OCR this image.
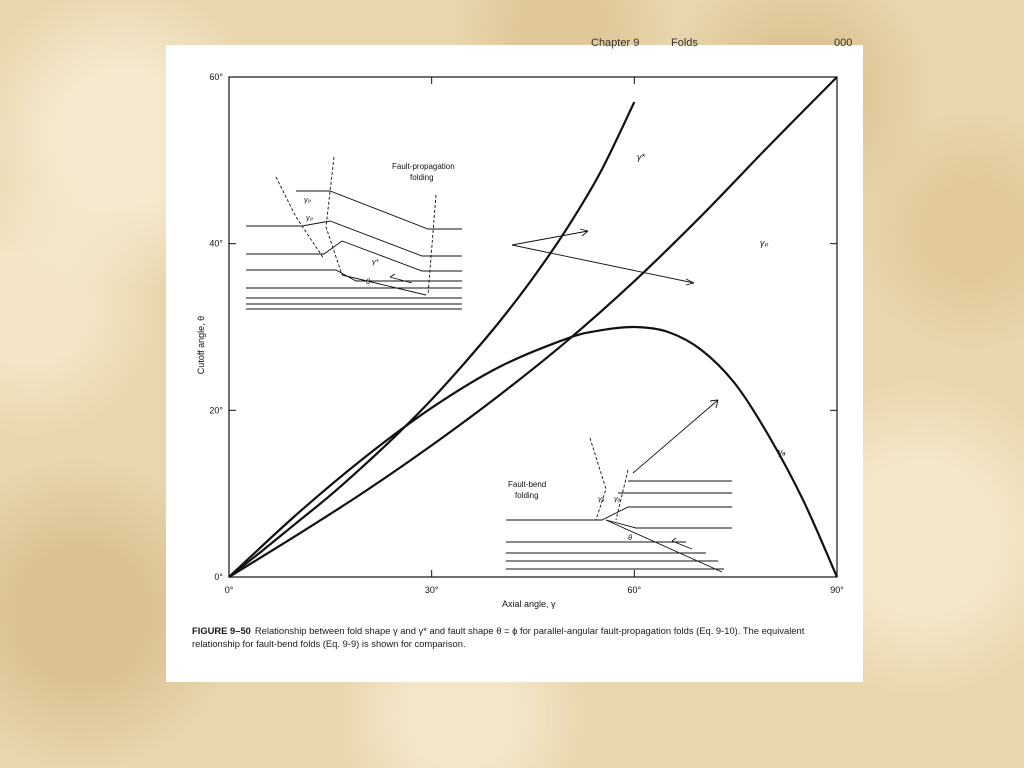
Chapter 9	Folds	000
0°	30°	60°	90°
0°
20°
40°
60°
Axial angle, γ
Cutoff angle, θ
γ*
γₚ
γₐ
Fault-propagation
folding
γₚ
γₚ
γ*
θ
Fault-bend
folding	γₐ γₐ
θ
FIGURE 9–50 Relationship between fold shape γ and γ* and fault shape θ = ϕ for parallel-angular fault-propagation folds (Eq. 9-10). The equivalent relationship for fault-bend folds (Eq. 9-9) is shown for comparison.
